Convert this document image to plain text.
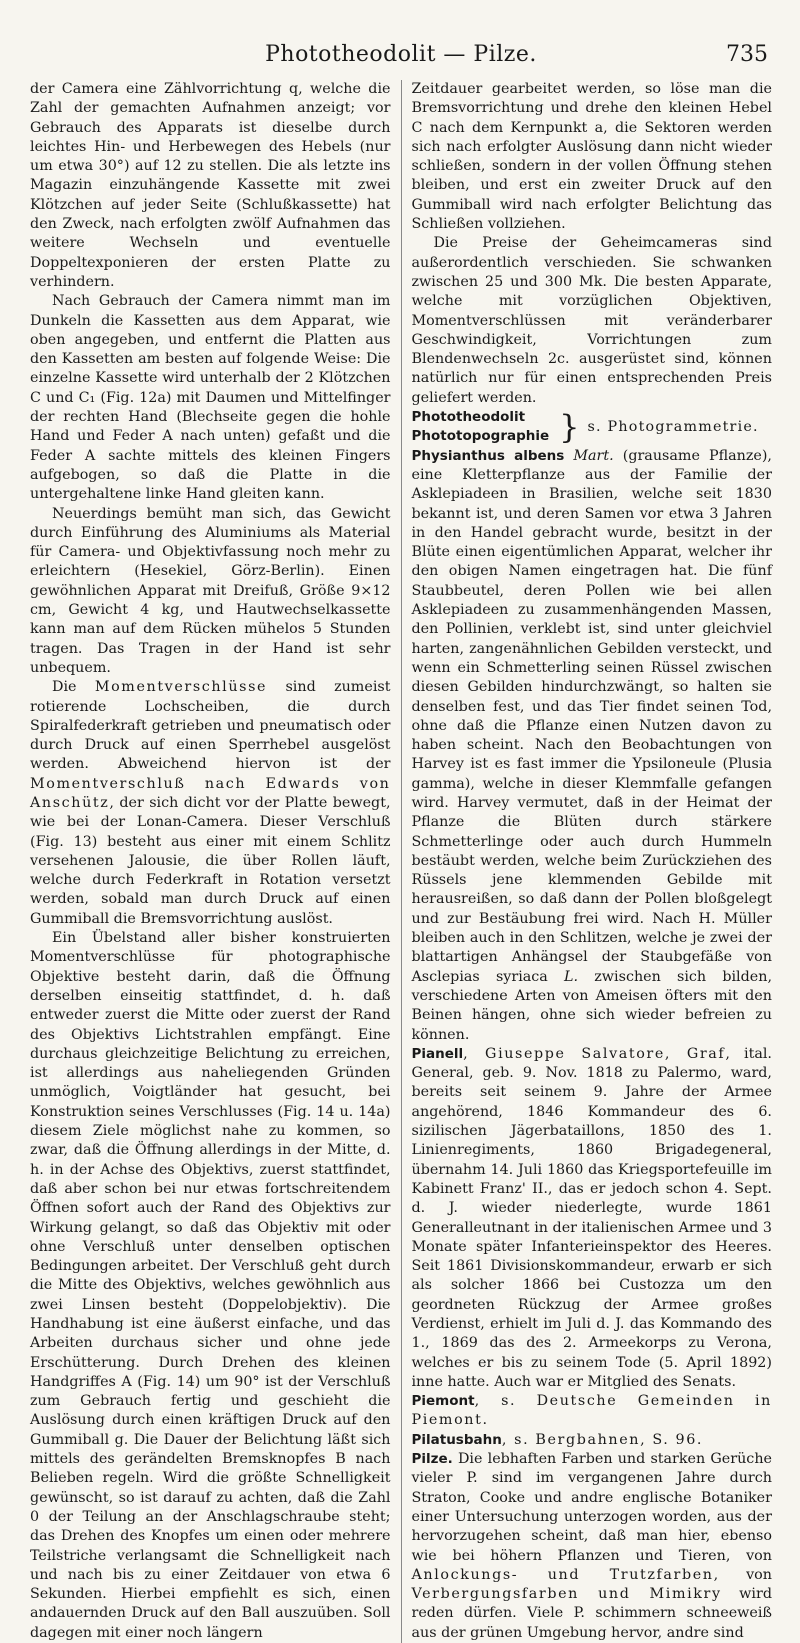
Phototheodolit — Pilze.	735

der Camera eine Zählvorrichtung q, welche die Zahl der gemachten Aufnahmen anzeigt; vor Gebrauch des Apparats ist dieselbe durch leichtes Hin- und Herbewegen des Hebels (nur um etwa 30°) auf 12 zu stellen. Die als letzte ins Magazin einzuhängende Kassette mit zwei Klötzchen auf jeder Seite (Schlußkassette) hat den Zweck, nach erfolgten zwölf Aufnahmen das weitere Wechseln und eventuelle Doppeltexponieren der ersten Platte zu verhindern.

Nach Gebrauch der Camera nimmt man im Dunkeln die Kassetten aus dem Apparat, wie oben angegeben, und entfernt die Platten aus den Kassetten am besten auf folgende Weise: Die einzelne Kassette wird unterhalb der 2 Klötzchen C und C₁ (Fig. 12a) mit Daumen und Mittelfinger der rechten Hand (Blechseite gegen die hohle Hand und Feder A nach unten) gefaßt und die Feder A sachte mittels des kleinen Fingers aufgebogen, so daß die Platte in die untergehaltene linke Hand gleiten kann.

Neuerdings bemüht man sich, das Gewicht durch Einführung des Aluminiums als Material für Camera- und Objektivfassung noch mehr zu erleichtern (Hesekiel, Görz-Berlin). Einen gewöhnlichen Apparat mit Dreifuß, Größe 9×12 cm, Gewicht 4 kg, und Hautwechselkassette kann man auf dem Rücken mühelos 5 Stunden tragen. Das Tragen in der Hand ist sehr unbequem.

Die Momentverschlüsse sind zumeist rotierende Lochscheiben, die durch Spiralfederkraft getrieben und pneumatisch oder durch Druck auf einen Sperrhebel ausgelöst werden. Abweichend hiervon ist der Momentverschluß nach Edwards von Anschütz, der sich dicht vor der Platte bewegt, wie bei der Lonan-Camera. Dieser Verschluß (Fig. 13) besteht aus einer mit einem Schlitz versehenen Jalousie, die über Rollen läuft, welche durch Federkraft in Rotation versetzt werden, sobald man durch Druck auf einen Gummiball die Bremsvorrichtung auslöst.

Ein Übelstand aller bisher konstruierten Momentverschlüsse für photographische Objektive besteht darin, daß die Öffnung derselben einseitig stattfindet, d. h. daß entweder zuerst die Mitte oder zuerst der Rand des Objektivs Lichtstrahlen empfängt. Eine durchaus gleichzeitige Belichtung zu erreichen, ist allerdings aus naheliegenden Gründen unmöglich, Voigtländer hat gesucht, bei Konstruktion seines Verschlusses (Fig. 14 u. 14a) diesem Ziele möglichst nahe zu kommen, so zwar, daß die Öffnung allerdings in der Mitte, d. h. in der Achse des Objektivs, zuerst stattfindet, daß aber schon bei nur etwas fortschreitendem Öffnen sofort auch der Rand des Objektivs zur Wirkung gelangt, so daß das Objektiv mit oder ohne Verschluß unter denselben optischen Bedingungen arbeitet. Der Verschluß geht durch die Mitte des Objektivs, welches gewöhnlich aus zwei Linsen besteht (Doppelobjektiv). Die Handhabung ist eine äußerst einfache, und das Arbeiten durchaus sicher und ohne jede Erschütterung. Durch Drehen des kleinen Handgriffes A (Fig. 14) um 90° ist der Verschluß zum Gebrauch fertig und geschieht die Auslösung durch einen kräftigen Druck auf den Gummiball g. Die Dauer der Belichtung läßt sich mittels des gerändelten Bremsknopfes B nach Belieben regeln. Wird die größte Schnelligkeit gewünscht, so ist darauf zu achten, daß die Zahl 0 der Teilung an der Anschlagschraube steht; das Drehen des Knopfes um einen oder mehrere Teilstriche verlangsamt die Schnelligkeit nach und nach bis zu einer Zeitdauer von etwa 6 Sekunden. Hierbei empfiehlt es sich, einen andauernden Druck auf den Ball auszuüben. Soll dagegen mit einer noch längern

Zeitdauer gearbeitet werden, so löse man die Bremsvorrichtung und drehe den kleinen Hebel C nach dem Kernpunkt a, die Sektoren werden sich nach erfolgter Auslösung dann nicht wieder schließen, sondern in der vollen Öffnung stehen bleiben, und erst ein zweiter Druck auf den Gummiball wird nach erfolgter Belichtung das Schließen vollziehen.

Die Preise der Geheimcameras sind außerordentlich verschieden. Sie schwanken zwischen 25 und 300 Mk. Die besten Apparate, welche mit vorzüglichen Objektiven, Momentverschlüssen mit veränderbarer Geschwindigkeit, Vorrichtungen zum Blendenwechseln 2c. ausgerüstet sind, können natürlich nur für einen entsprechenden Preis geliefert werden.

Phototheodolit
Phototopographie } s. Photogrammetrie.

Physianthus albens Mart. (grausame Pflanze), eine Kletterpflanze aus der Familie der Asklepiadeen in Brasilien, welche seit 1830 bekannt ist, und deren Samen vor etwa 3 Jahren in den Handel gebracht wurde, besitzt in der Blüte einen eigentümlichen Apparat, welcher ihr den obigen Namen eingetragen hat. Die fünf Staubbeutel, deren Pollen wie bei allen Asklepiadeen zu zusammenhängenden Massen, den Pollinien, verklebt ist, sind unter gleichviel harten, zangenähnlichen Gebilden versteckt, und wenn ein Schmetterling seinen Rüssel zwischen diesen Gebilden hindurchzwängt, so halten sie denselben fest, und das Tier findet seinen Tod, ohne daß die Pflanze einen Nutzen davon zu haben scheint. Nach den Beobachtungen von Harvey ist es fast immer die Ypsiloneule (Plusia gamma), welche in dieser Klemmfalle gefangen wird. Harvey vermutet, daß in der Heimat der Pflanze die Blüten durch stärkere Schmetterlinge oder auch durch Hummeln bestäubt werden, welche beim Zurückziehen des Rüssels jene klemmenden Gebilde mit herausreißen, so daß dann der Pollen bloßgelegt und zur Bestäubung frei wird. Nach H. Müller bleiben auch in den Schlitzen, welche je zwei der blattartigen Anhängsel der Staubgefäße von Asclepias syriaca L. zwischen sich bilden, verschiedene Arten von Ameisen öfters mit den Beinen hängen, ohne sich wieder befreien zu können.

Pianell, Giuseppe Salvatore, Graf, ital. General, geb. 9. Nov. 1818 zu Palermo, ward, bereits seit seinem 9. Jahre der Armee angehörend, 1846 Kommandeur des 6. sizilischen Jägerbataillons, 1850 des 1. Linienregiments, 1860 Brigadegeneral, übernahm 14. Juli 1860 das Kriegsportefeuille im Kabinett Franz' II., das er jedoch schon 4. Sept. d. J. wieder niederlegte, wurde 1861 Generalleutnant in der italienischen Armee und 3 Monate später Infanterieinspektor des Heeres. Seit 1861 Divisionskommandeur, erwarb er sich als solcher 1866 bei Custozza um den geordneten Rückzug der Armee großes Verdienst, erhielt im Juli d. J. das Kommando des 1., 1869 das des 2. Armeekorps zu Verona, welches er bis zu seinem Tode (5. April 1892) inne hatte. Auch war er Mitglied des Senats.

Piemont, s. Deutsche Gemeinden in Piemont.

Pilatusbahn, s. Bergbahnen, S. 96.

Pilze. Die lebhaften Farben und starken Gerüche vieler P. sind im vergangenen Jahre durch Straton, Cooke und andre englische Botaniker einer Untersuchung unterzogen worden, aus der hervorzugehen scheint, daß man hier, ebenso wie bei höhern Pflanzen und Tieren, von Anlockungs- und Trutzfarben, von Verbergungsfarben und Mimikry wird reden dürfen. Viele P. schimmern schneeweiß aus der grünen Umgebung hervor, andre sind
